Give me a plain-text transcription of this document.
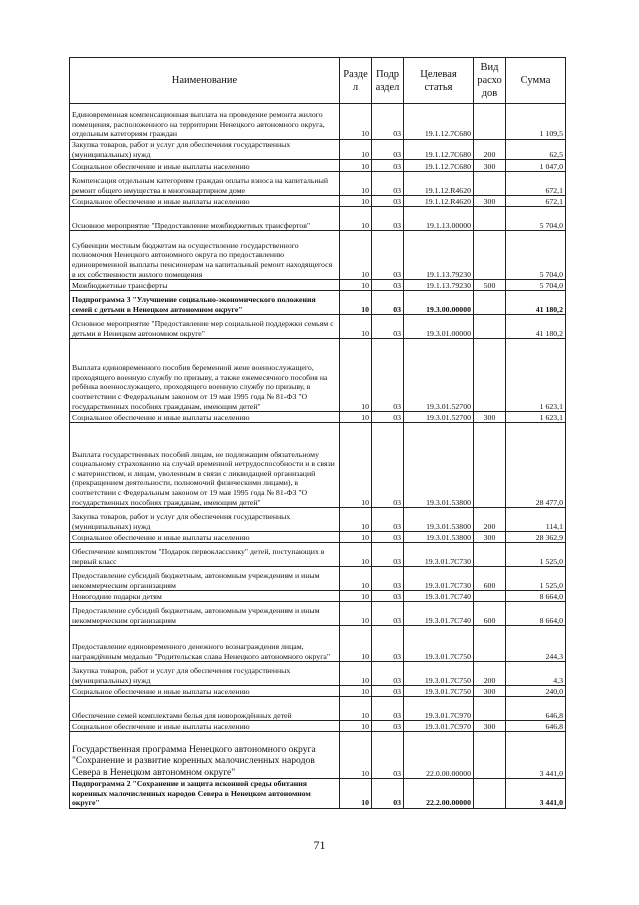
Наименование	Разде л	Подр аздел	Целевая статья	Вид расхо дов	Сумма
Единовременная компенсационная выплата на проведение ремонта жилого помещения, расположенного на территории Ненецкого автономного округа, отдельным категориям граждан	10	03	19.1.12.7С680		1 109,5
Закупка товаров, работ и услуг для обеспечения государственных (муниципальных) нужд	10	03	19.1.12.7С680	200	62,5
Социальное обеспечение и иные выплаты населению	10	03	19.1.12.7С680	300	1 047,0
Компенсация отдельным категориям граждан оплаты взноса на капитальный ремонт общего имущества в многоквартирном доме	10	03	19.1.12.R4620		672,1
Социальное обеспечение и иные выплаты населению	10	03	19.1.12.R4620	300	672,1
Основное мероприятие "Предоставление межбюджетных трансфертов"	10	03	19.1.13.00000		5 704,0
Субвенции местным бюджетам на осуществление государственного полномочия Ненецкого автономного округа по предоставлению единовременной выплаты пенсионерам на капитальный ремонт находящегося в их собственности жилого помещения	10	03	19.1.13.79230		5 704,0
Межбюджетные трансферты	10	03	19.1.13.79230	500	5 704,0
Подпрограмма 3 "Улучшение социально-экономического положения семей с детьми в Ненецком автономном округе"	10	03	19.3.00.00000		41 180,2
Основное мероприятие "Предоставление мер социальной поддержки семьям с детьми в Ненецком автономном округе"	10	03	19.3.01.00000		41 180,2
Выплата единовременного пособия беременной жене военнослужащего, проходящего военную службу по призыву, а также ежемесячного пособия на ребёнка военнослужащего, проходящего военную службу по призыву, в соответствии с Федеральным законом от 19 мая 1995 года № 81-ФЗ "О государственных пособиях гражданам, имеющим детей"	10	03	19.3.01.52700		1 623,1
Социальное обеспечение и иные выплаты населению	10	03	19.3.01.52700	300	1 623,1
Выплата государственных пособий лицам, не подлежащим обязательному социальному страхованию на случай временной нетрудоспособности и в связи с материнством, и лицам, уволенным в связи с ликвидацией организаций (прекращением деятельности, полномочий физическими лицами), в соответствии с Федеральным законом от 19 мая 1995 года № 81-ФЗ "О государственных пособиях гражданам, имеющим детей"	10	03	19.3.01.53800		28 477,0
Закупка товаров, работ и услуг для обеспечения государственных (муниципальных) нужд	10	03	19.3.01.53800	200	114,1
Социальное обеспечение и иные выплаты населению	10	03	19.3.01.53800	300	28 362,9
Обеспечение комплектом "Подарок первокласснику" детей, поступающих в первый класс	10	03	19.3.01.7С730		1 525,0
Предоставление субсидий бюджетным, автономным учреждениям и иным некоммерческим организациям	10	03	19.3.01.7С730	600	1 525,0
Новогодние подарки детям	10	03	19.3.01.7С740		8 664,0
Предоставление субсидий бюджетным, автономным учреждениям и иным некоммерческим организациям	10	03	19.3.01.7С740	600	8 664,0
Предоставление единовременного денежного вознаграждения лицам, награждённым медалью "Родительская слава Ненецкого автономного округа"	10	03	19.3.01.7С750		244,3
Закупка товаров, работ и услуг для обеспечения государственных (муниципальных) нужд	10	03	19.3.01.7С750	200	4,3
Социальное обеспечение и иные выплаты населению	10	03	19.3.01.7С750	300	240,0
Обеспечение семей комплектами белья для новорождённых детей	10	03	19.3.01.7С970		646,8
Социальное обеспечение и иные выплаты населению	10	03	19.3.01.7С970	300	646,8
Государственная программа Ненецкого автономного округа "Сохранение и развитие коренных малочисленных народов Севера в Ненецком автономном округе"	10	03	22.0.00.00000		3 441,0
Подпрограмма 2 "Сохранение и защита исконной среды обитания коренных малочисленных народов Севера в Ненецком автономном округе"	10	03	22.2.00.00000		3 441,0
71
